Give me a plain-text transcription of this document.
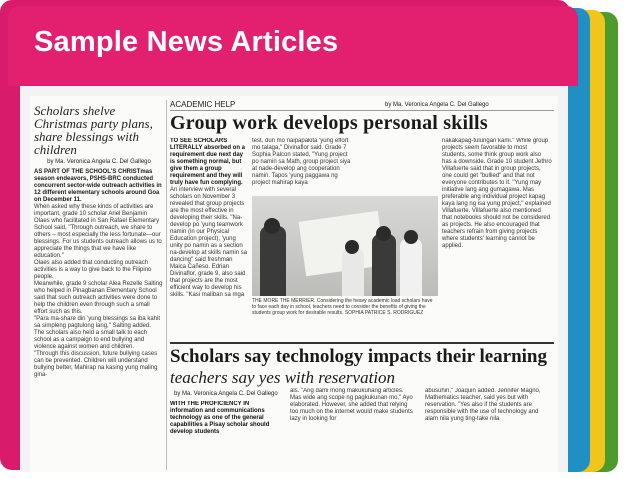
Sample News Articles
Scholars shelve Christmas party plans, share blessings with children
by Ma. Veronica Angela C. Del Gallego
AS PART OF THE SCHOOL'S CHRISTmas season endeavors, PSHS-BRC conducted concurrent sector-wide outreach activities in 12 different elementary schools around Goa on December 11.
When asked why these kinds of activities are important, grade 10 scholar Ariel Benjamin Olaes who facilitated in San Rafael Elementary School said, "Through outreach, we share to others – most especially the less fortunate—our blessings. For us students outreach allows us to appreciate the things that we have like education."
Olaes also added that conducting outreach activities is a way to give back to the Filipino people.
Meanwhile, grade 9 scholar Alea Rezelle Salting who helped in Pinagbanan Elementary School said that such outreach activities were done to help the children even through such a small effort such as this.
"Para ma-share din 'yung blessings sa iba kahit sa simpleng pagtulong lang," Salting added.
The scholars also held a small talk to each school as a campaign to end bullying and violence against women and children.
"Through this discussion, future bullying cases can be prevented. Children will understand bullying better, Mahirap na kasing yung maling gina-
ACADEMIC HELP	by Ma. Veronica Angela C. Del Gallego
Group work develops personal skills
TO SEE SCHOLARS LITERALLY absorbed on a requirement due next day is something normal, but give them a group requirement and they will truly have fun complying.
An interview with several scholars on November 3 revealed that group projects are the most effective in developing their skills. "Na-develop po 'yung teamwork namin (in our Physical Education project), 'yung unity po namin as a section na-develop at skills namin sa dancing" said freshman Maica Cañeso. Edrian Divinaflor, grade 9, also said that projects are the most efficient way to develop his skills. "Kasi maliban sa mga
test, dun mo naipapakita 'yung effort mo talaga," Divinaflor said. Grade 7 Sophia Palcon stated, "Yung project po namin sa Math, group project siya at nade-develop ang cooperation namin. Tapos 'yung paggawa ng project mahirap kaya
nakakapag-tulungan kami." While group projects seem favorable to most students, some think group work also has a downside. Grade 10 student Jethro Villafuerte said that in group projects, one could get "bullied" and that not everyone contributes to it. "Yung may initiative lang ang gumagawa. Mas preferable ang individual project kapag kaya lang ng isa yung project," explained Villafuerte. Villafuerte also mentioned that notebooks should not be considered as projects. He also encouraged that teachers refrain from giving projects where students' learning cannot be applied.
THE MORE THE MERRIER. Considering the heavy academic load scholars have to face each day in school, teachers need to consider the benefits of giving the students group work for desirable results. SOPHIA PATRICE S. RODRIGUEZ
Scholars say technology impacts their learning
teachers say yes with reservation
by Ma. Veronica Angela C. Del Gallego
WITH THE PROFICIENCY IN information and communications technology as one of the general capabilities a Pisay scholar should develop students
als. "Ang dami mong makukuhang articles. Mas wide ang scope ng pagkukunan mo," Ayo elaborated. However, she added that relying too much on the internet would make students lazy in looking for
abusuhin," Joaquin added. Jennifer Magno, Mathematics teacher, said yes but with reservation. "Yes also if the students are responsible with the use of technology and alam nila yung ting-take nila
